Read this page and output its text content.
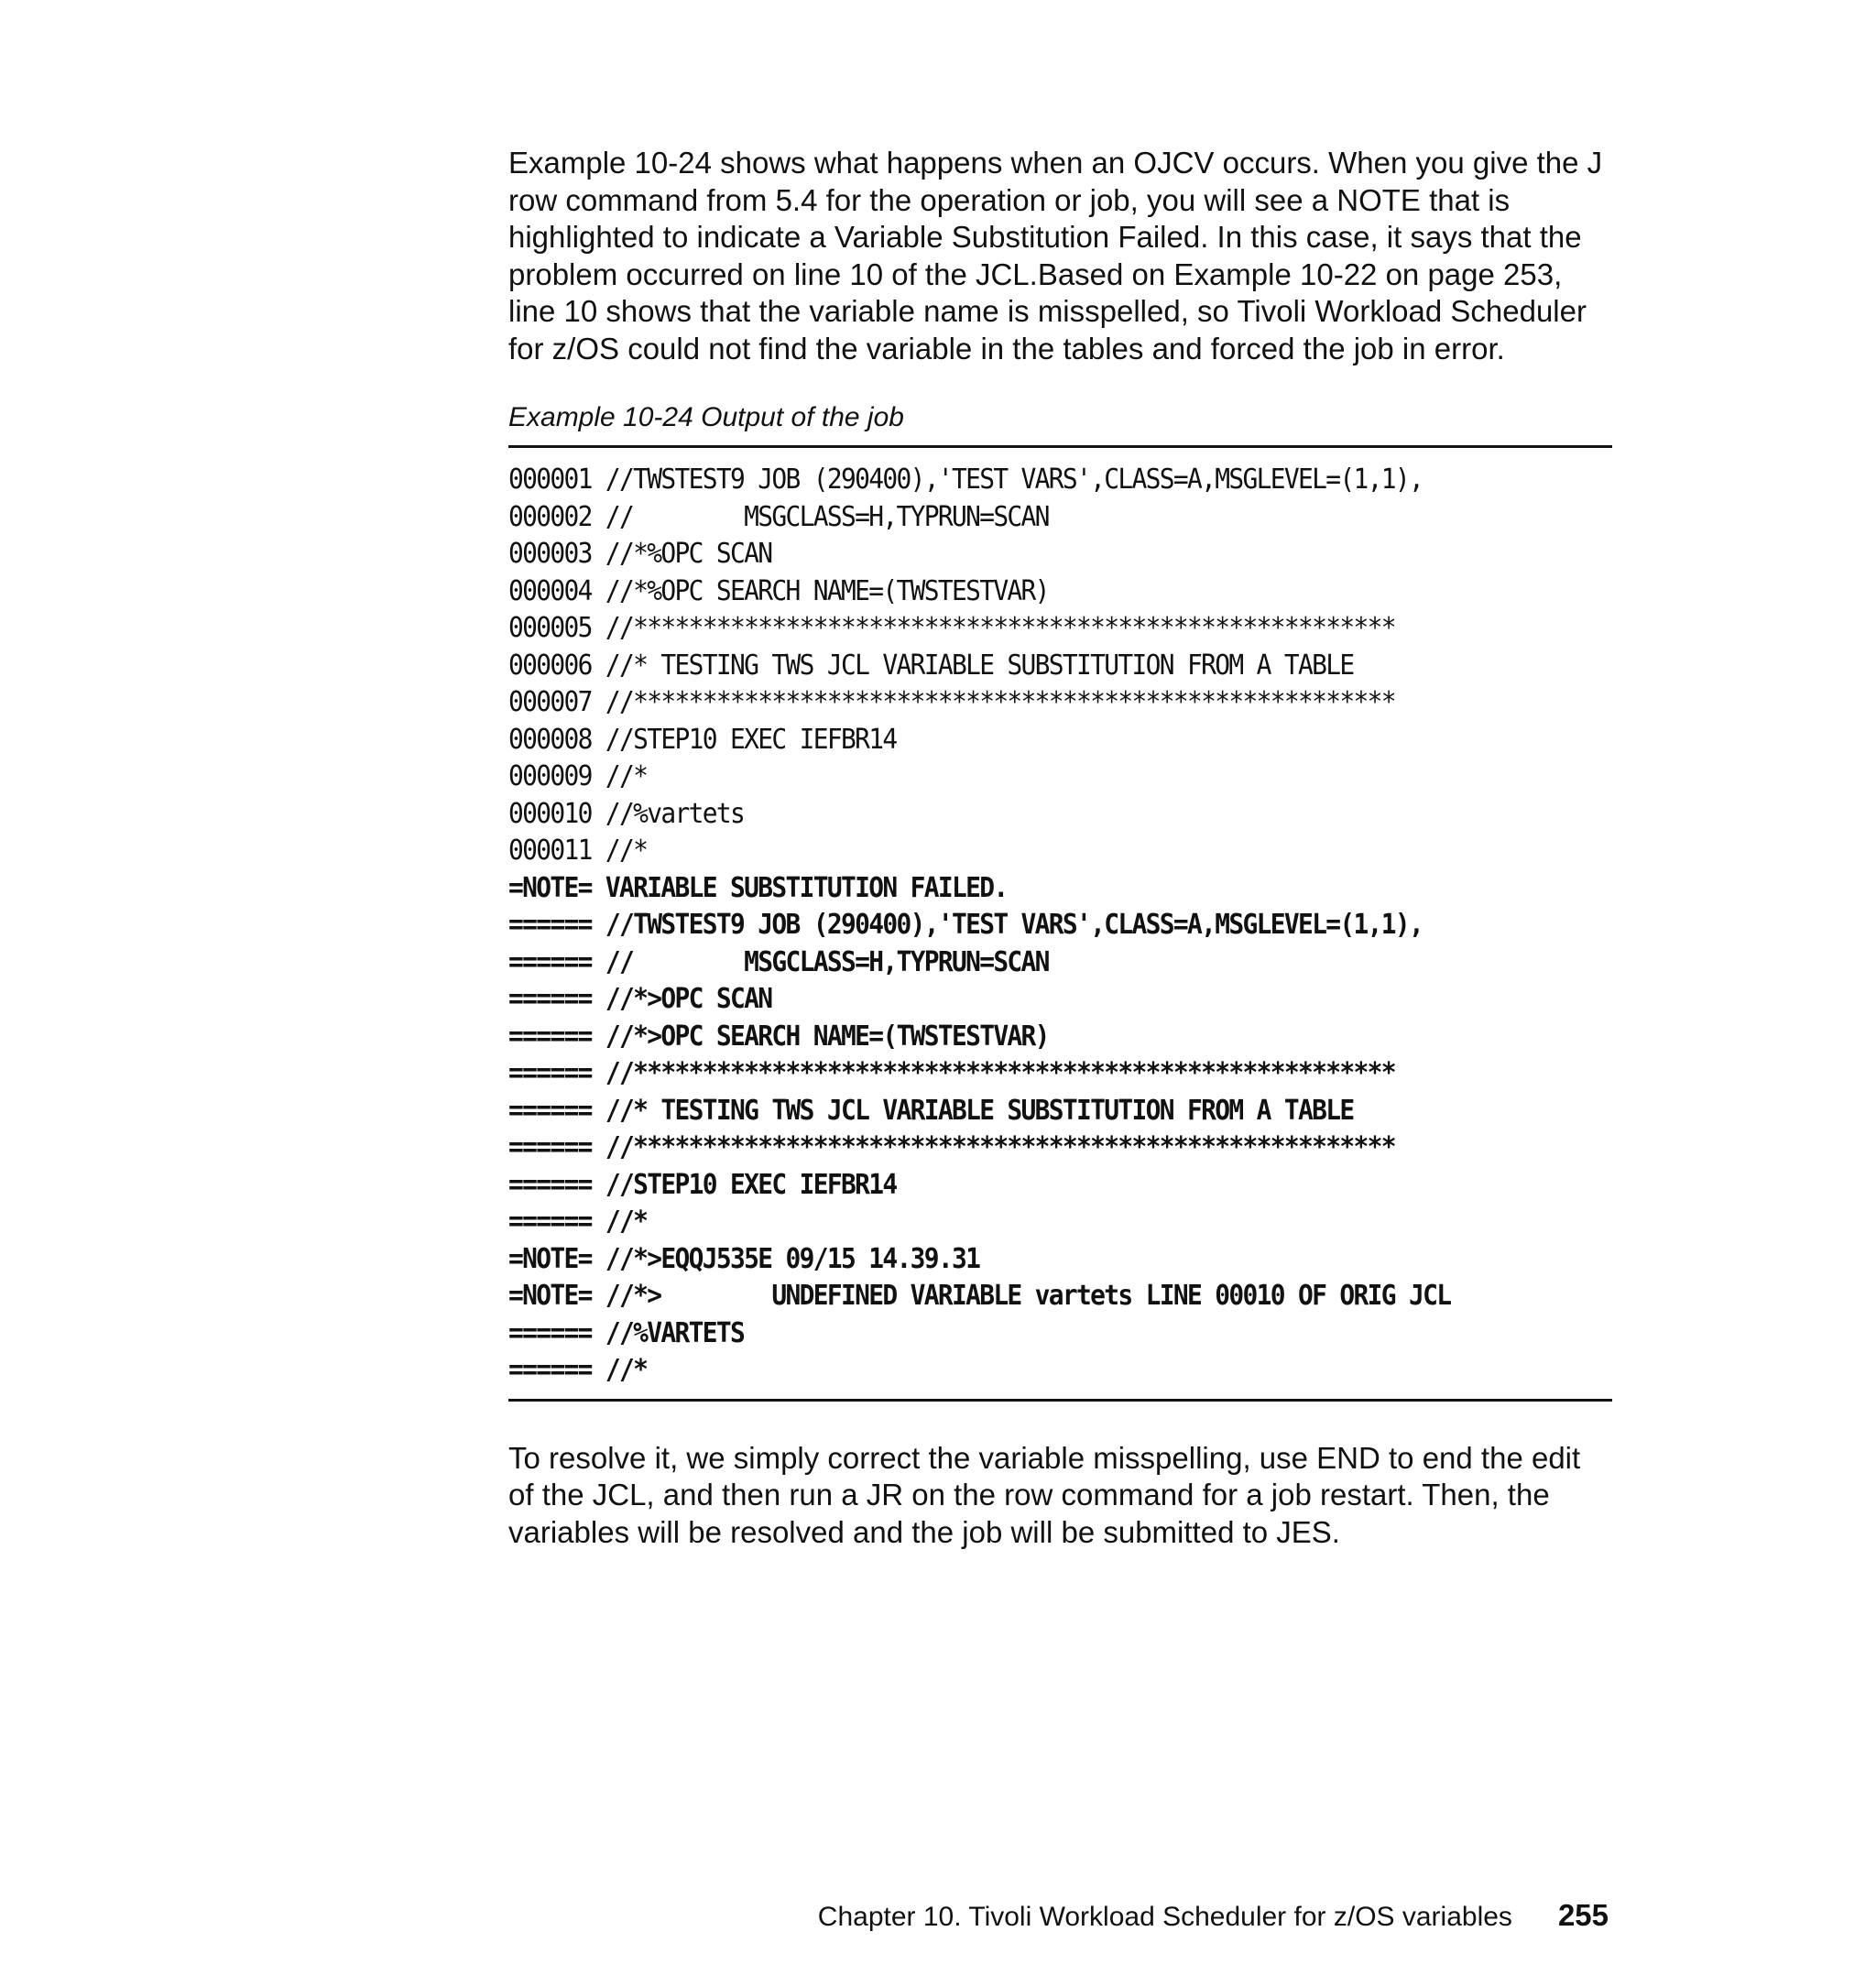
Example 10-24 shows what happens when an OJCV occurs. When you give the J row command from 5.4 for the operation or job, you will see a NOTE that is highlighted to indicate a Variable Substitution Failed. In this case, it says that the problem occurred on line 10 of the JCL.Based on Example 10-22 on page 253, line 10 shows that the variable name is misspelled, so Tivoli Workload Scheduler for z/OS could not find the variable in the tables and forced the job in error.

Example 10-24 Output of the job
000001 //TWSTEST9 JOB (290400),'TEST VARS',CLASS=A,MSGLEVEL=(1,1),
000002 //        MSGCLASS=H,TYPRUN=SCAN
000003 //*%OPC SCAN
000004 //*%OPC SEARCH NAME=(TWSTESTVAR)
000005 //*******************************************************
000006 //* TESTING TWS JCL VARIABLE SUBSTITUTION FROM A TABLE
000007 //*******************************************************
000008 //STEP10 EXEC IEFBR14
000009 //*
000010 //%vartets
000011 //*
=NOTE= VARIABLE SUBSTITUTION FAILED.
====== //TWSTEST9 JOB (290400),'TEST VARS',CLASS=A,MSGLEVEL=(1,1),
====== //        MSGCLASS=H,TYPRUN=SCAN
====== //*>OPC SCAN
====== //*>OPC SEARCH NAME=(TWSTESTVAR)
====== //*******************************************************
====== //* TESTING TWS JCL VARIABLE SUBSTITUTION FROM A TABLE
====== //*******************************************************
====== //STEP10 EXEC IEFBR14
====== //*
=NOTE= //*>EQQJ535E 09/15 14.39.31
=NOTE= //*>        UNDEFINED VARIABLE vartets LINE 00010 OF ORIG JCL
====== //%VARTETS
====== //*

To resolve it, we simply correct the variable misspelling, use END to end the edit of the JCL, and then run a JR on the row command for a job restart. Then, the variables will be resolved and the job will be submitted to JES.

Chapter 10. Tivoli Workload Scheduler for z/OS variables 255
